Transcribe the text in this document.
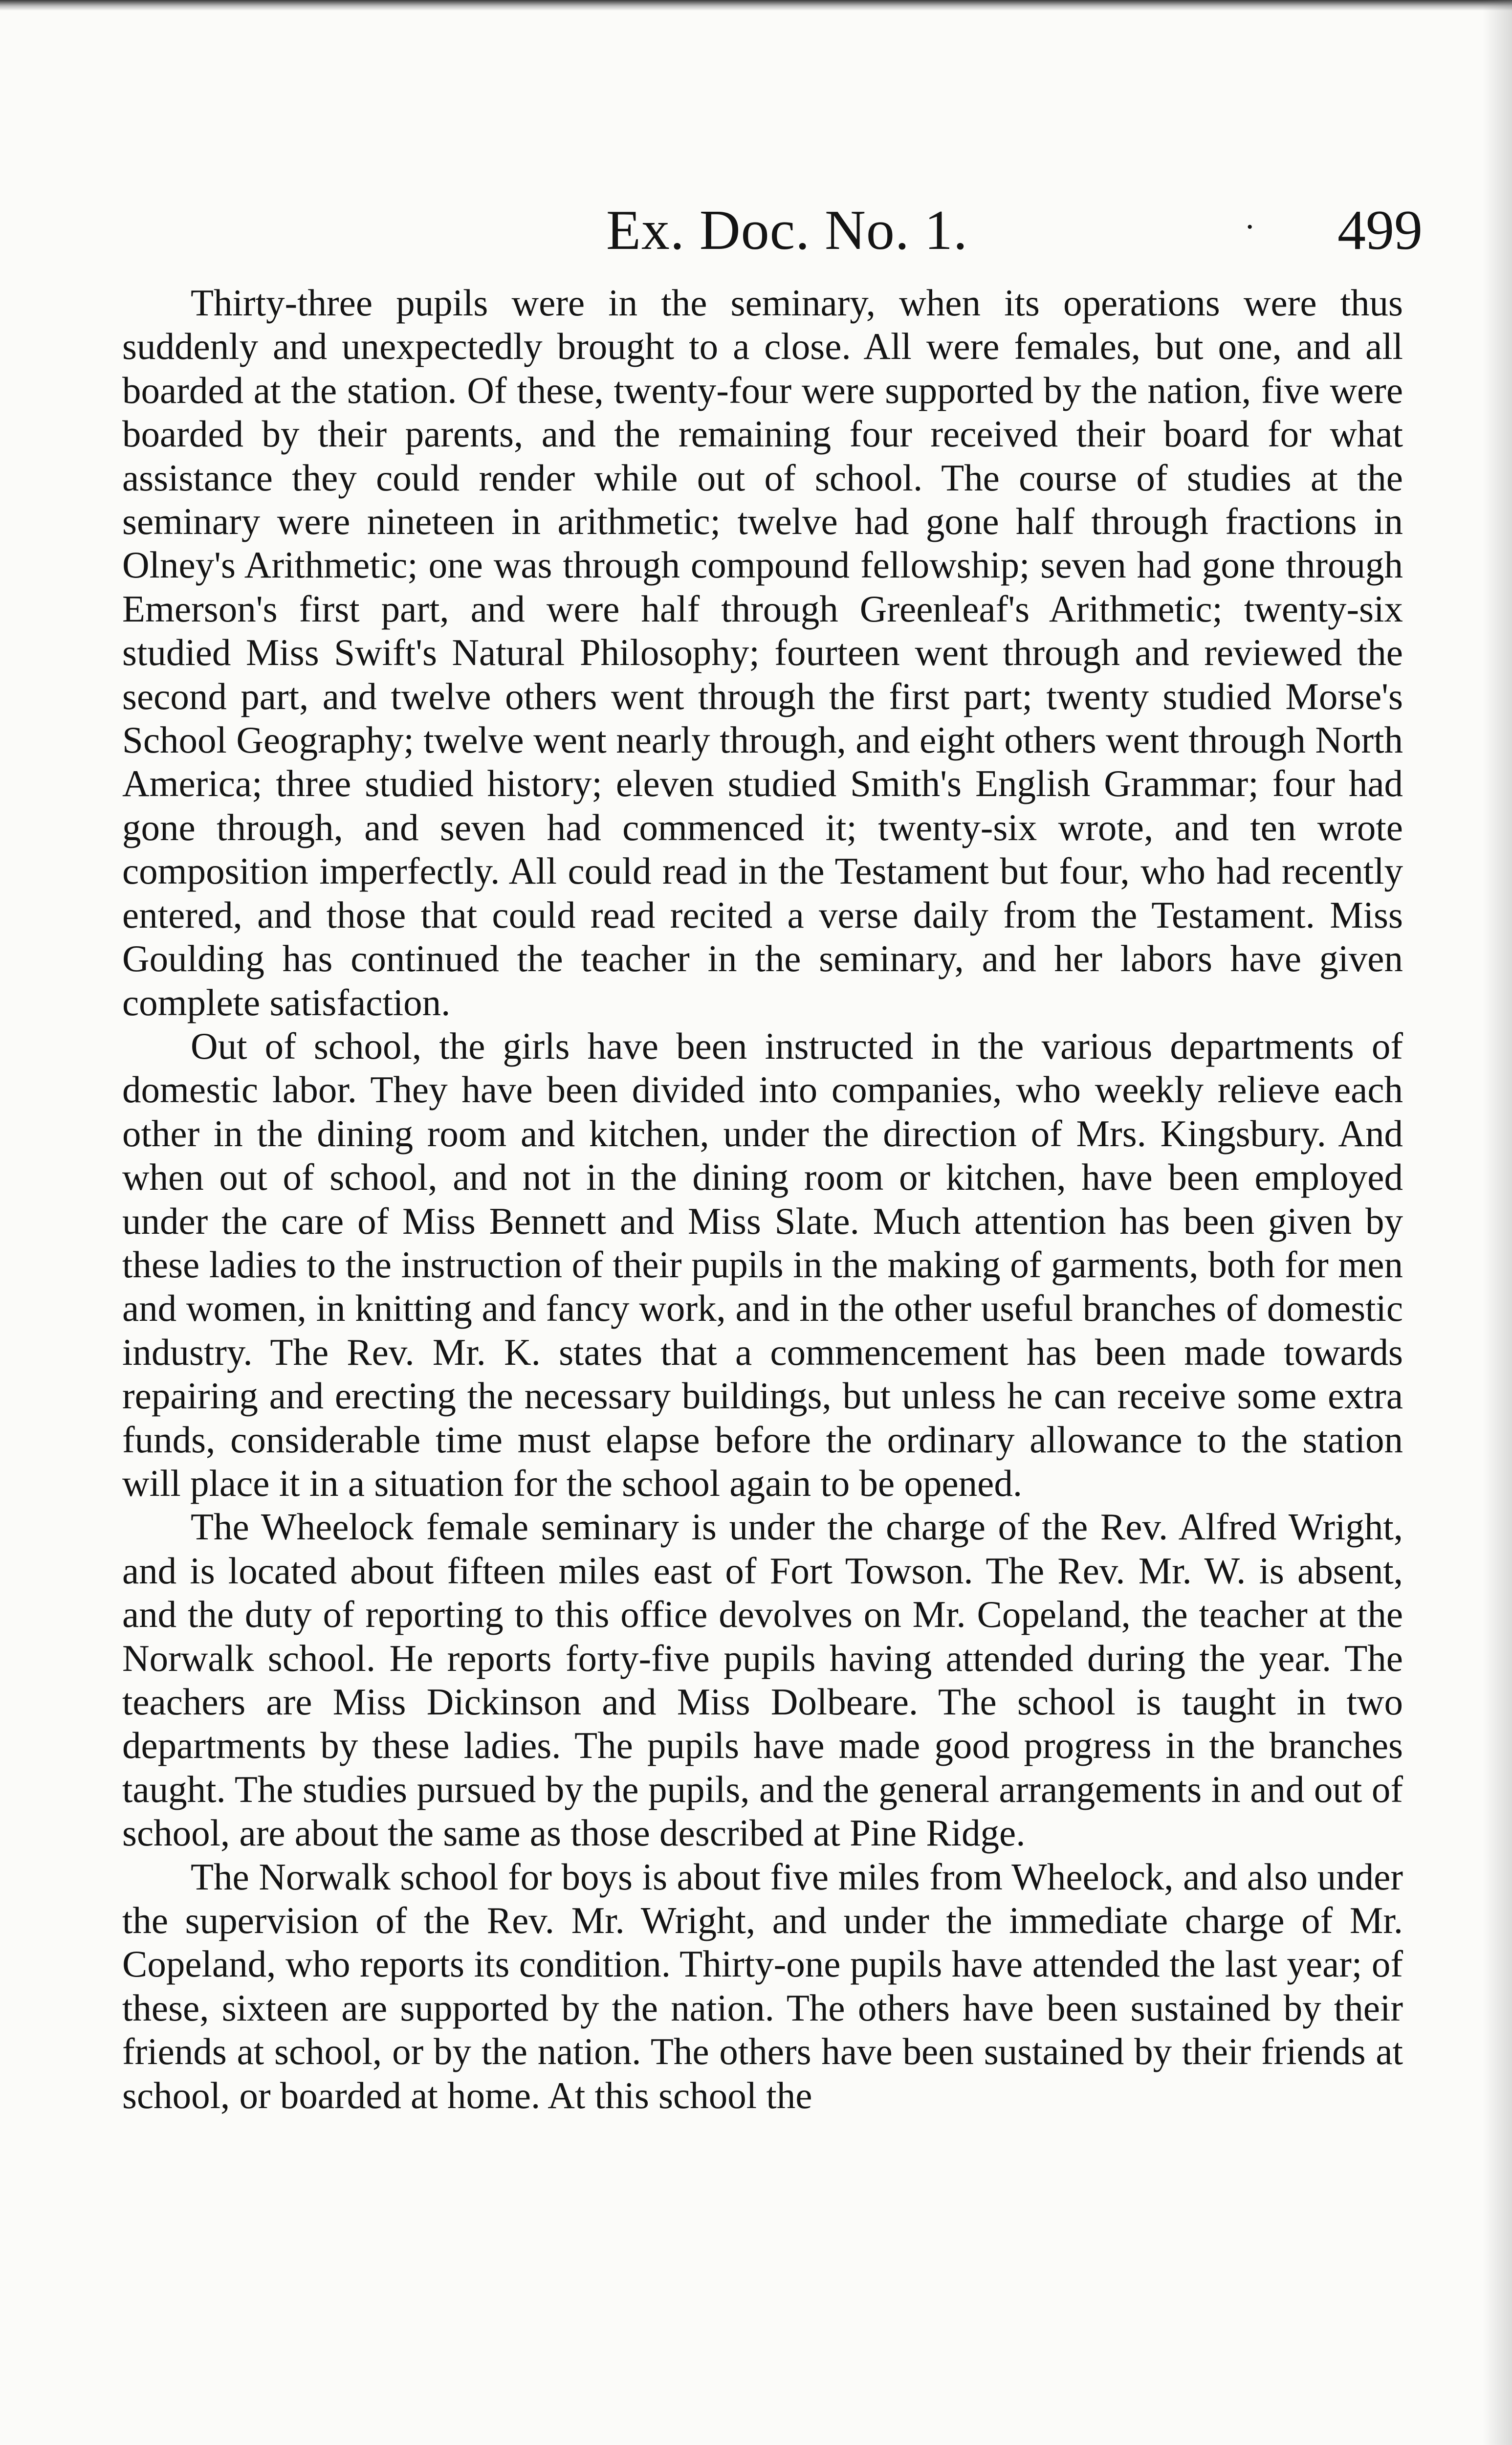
Ex. Doc. No. 1.	· 499

Thirty-three pupils were in the seminary, when its operations were thus suddenly and unexpectedly brought to a close. All were females, but one, and all boarded at the station. Of these, twenty-four were supported by the nation, five were boarded by their parents, and the remaining four received their board for what assistance they could render while out of school. The course of studies at the seminary were nineteen in arithmetic; twelve had gone half through fractions in Olney's Arithmetic; one was through compound fellowship; seven had gone through Emerson's first part, and were half through Greenleaf's Arithmetic; twenty-six studied Miss Swift's Natural Philosophy; fourteen went through and reviewed the second part, and twelve others went through the first part; twenty studied Morse's School Geography; twelve went nearly through, and eight others went through North America; three studied history; eleven studied Smith's English Grammar; four had gone through, and seven had commenced it; twenty-six wrote, and ten wrote composition imperfectly. All could read in the Testament but four, who had recently entered, and those that could read recited a verse daily from the Testament. Miss Goulding has continued the teacher in the seminary, and her labors have given complete satisfaction.

Out of school, the girls have been instructed in the various departments of domestic labor. They have been divided into companies, who weekly relieve each other in the dining room and kitchen, under the direction of Mrs. Kingsbury. And when out of school, and not in the dining room or kitchen, have been employed under the care of Miss Bennett and Miss Slate. Much attention has been given by these ladies to the instruction of their pupils in the making of garments, both for men and women, in knitting and fancy work, and in the other useful branches of domestic industry. The Rev. Mr. K. states that a commencement has been made towards repairing and erecting the necessary buildings, but unless he can receive some extra funds, considerable time must elapse before the ordinary allowance to the station will place it in a situation for the school again to be opened.

The Wheelock female seminary is under the charge of the Rev. Alfred Wright, and is located about fifteen miles east of Fort Towson. The Rev. Mr. W. is absent, and the duty of reporting to this office devolves on Mr. Copeland, the teacher at the Norwalk school. He reports forty-five pupils having attended during the year. The teachers are Miss Dickinson and Miss Dolbeare. The school is taught in two departments by these ladies. The pupils have made good progress in the branches taught. The studies pursued by the pupils, and the general arrangements in and out of school, are about the same as those described at Pine Ridge.

The Norwalk school for boys is about five miles from Wheelock, and also under the supervision of the Rev. Mr. Wright, and under the immediate charge of Mr. Copeland, who reports its condition. Thirty-one pupils have attended the last year; of these, sixteen are supported by the nation. The others have been sustained by their friends at school, or by the nation. The others have been sustained by their friends at school, or boarded at home. At this school the
